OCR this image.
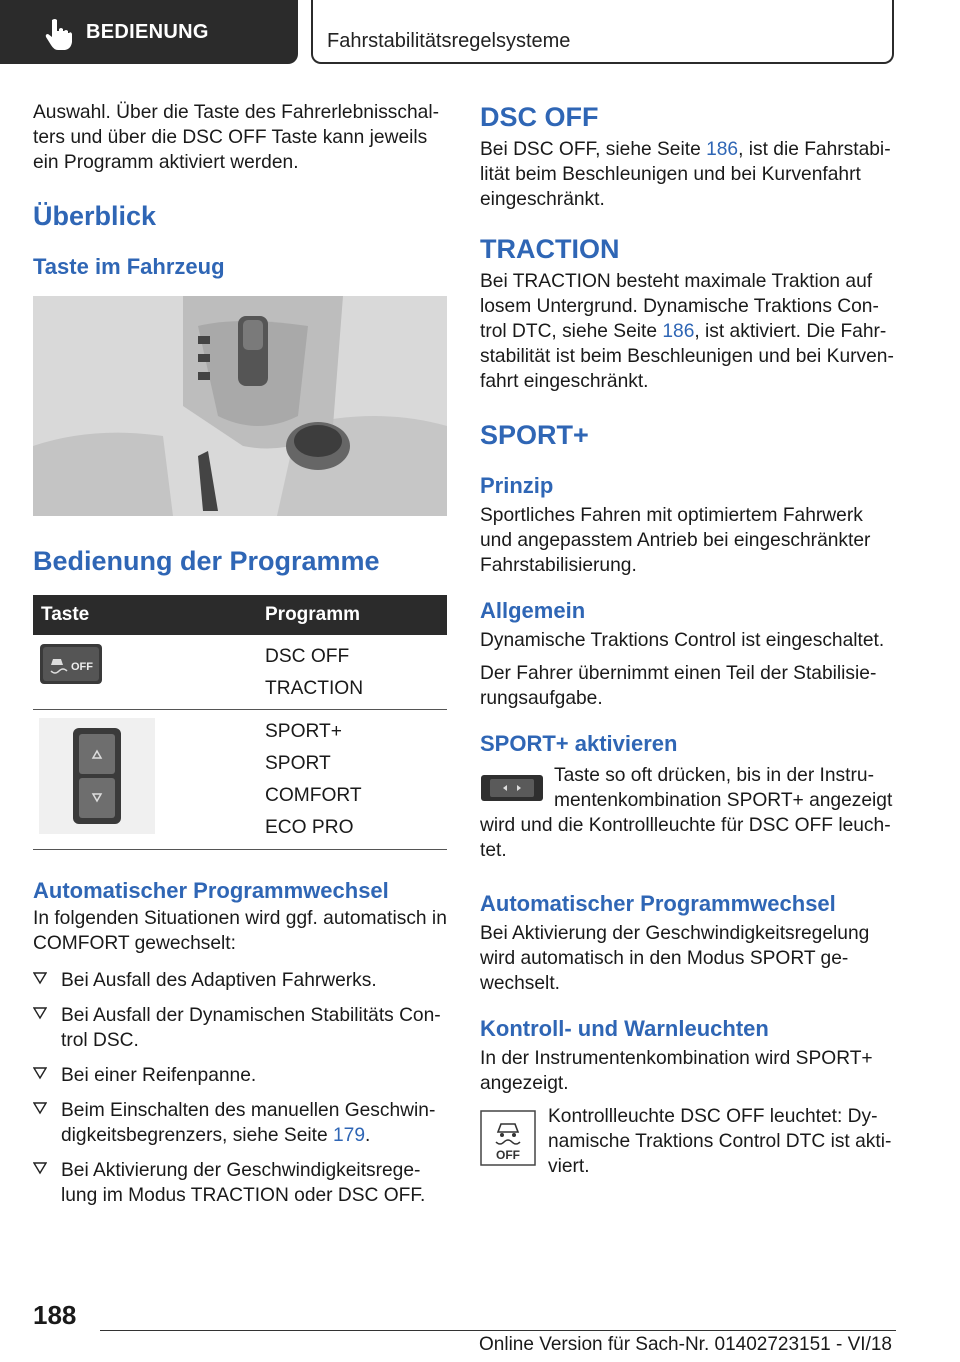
BEDIENUNG	Fahrstabilitätsregelsysteme

Auswahl. Über die Taste des Fahrerlebnisschalters und über die DSC OFF Taste kann jeweils ein Programm aktiviert werden.

Überblick
Taste im Fahrzeug
Bedienung der Programme
Taste	Programm

OFF	DSC OFF
TRACTION

SPORT+
SPORT
COMFORT
ECO PRO
Automatischer Programmwechsel

In folgenden Situationen wird ggf. automatisch in COMFORT gewechselt:

Bei Ausfall des Adaptiven Fahrwerks.
Bei Ausfall der Dynamischen Stabilitäts Control DSC.
Bei einer Reifenpanne.
Beim Einschalten des manuellen Geschwindigkeitsbegrenzers, siehe Seite 179.
Bei Aktivierung der Geschwindigkeitsregelung im Modus TRACTION oder DSC OFF.
DSC OFF

Bei DSC OFF, siehe Seite 186, ist die Fahrstabilität beim Beschleunigen und bei Kurvenfahrt eingeschränkt.

TRACTION

Bei TRACTION besteht maximale Traktion auf losem Untergrund. Dynamische Traktions Control DTC, siehe Seite 186, ist aktiviert. Die Fahrstabilität ist beim Beschleunigen und bei Kurvenfahrt eingeschränkt.

SPORT+
Prinzip

Sportliches Fahren mit optimiertem Fahrwerk und angepasstem Antrieb bei eingeschränkter Fahrstabilisierung.

Allgemein

Dynamische Traktions Control ist eingeschaltet.

Der Fahrer übernimmt einen Teil der Stabilisierungsaufgabe.

SPORT+ aktivieren

Taste so oft drücken, bis in der Instrumentenkombination SPORT+ angezeigt

wird und die Kontrollleuchte für DSC OFF leuchtet.

Automatischer Programmwechsel

Bei Aktivierung der Geschwindigkeitsregelung wird automatisch in den Modus SPORT gewechselt.

Kontroll- und Warnleuchten

In der Instrumentenkombination wird SPORT+ angezeigt.

OFF

Kontrollleuchte DSC OFF leuchtet: Dynamische Traktions Control DTC ist aktiviert.

188
Online Version für Sach-Nr. 01402723151 - VI/18
